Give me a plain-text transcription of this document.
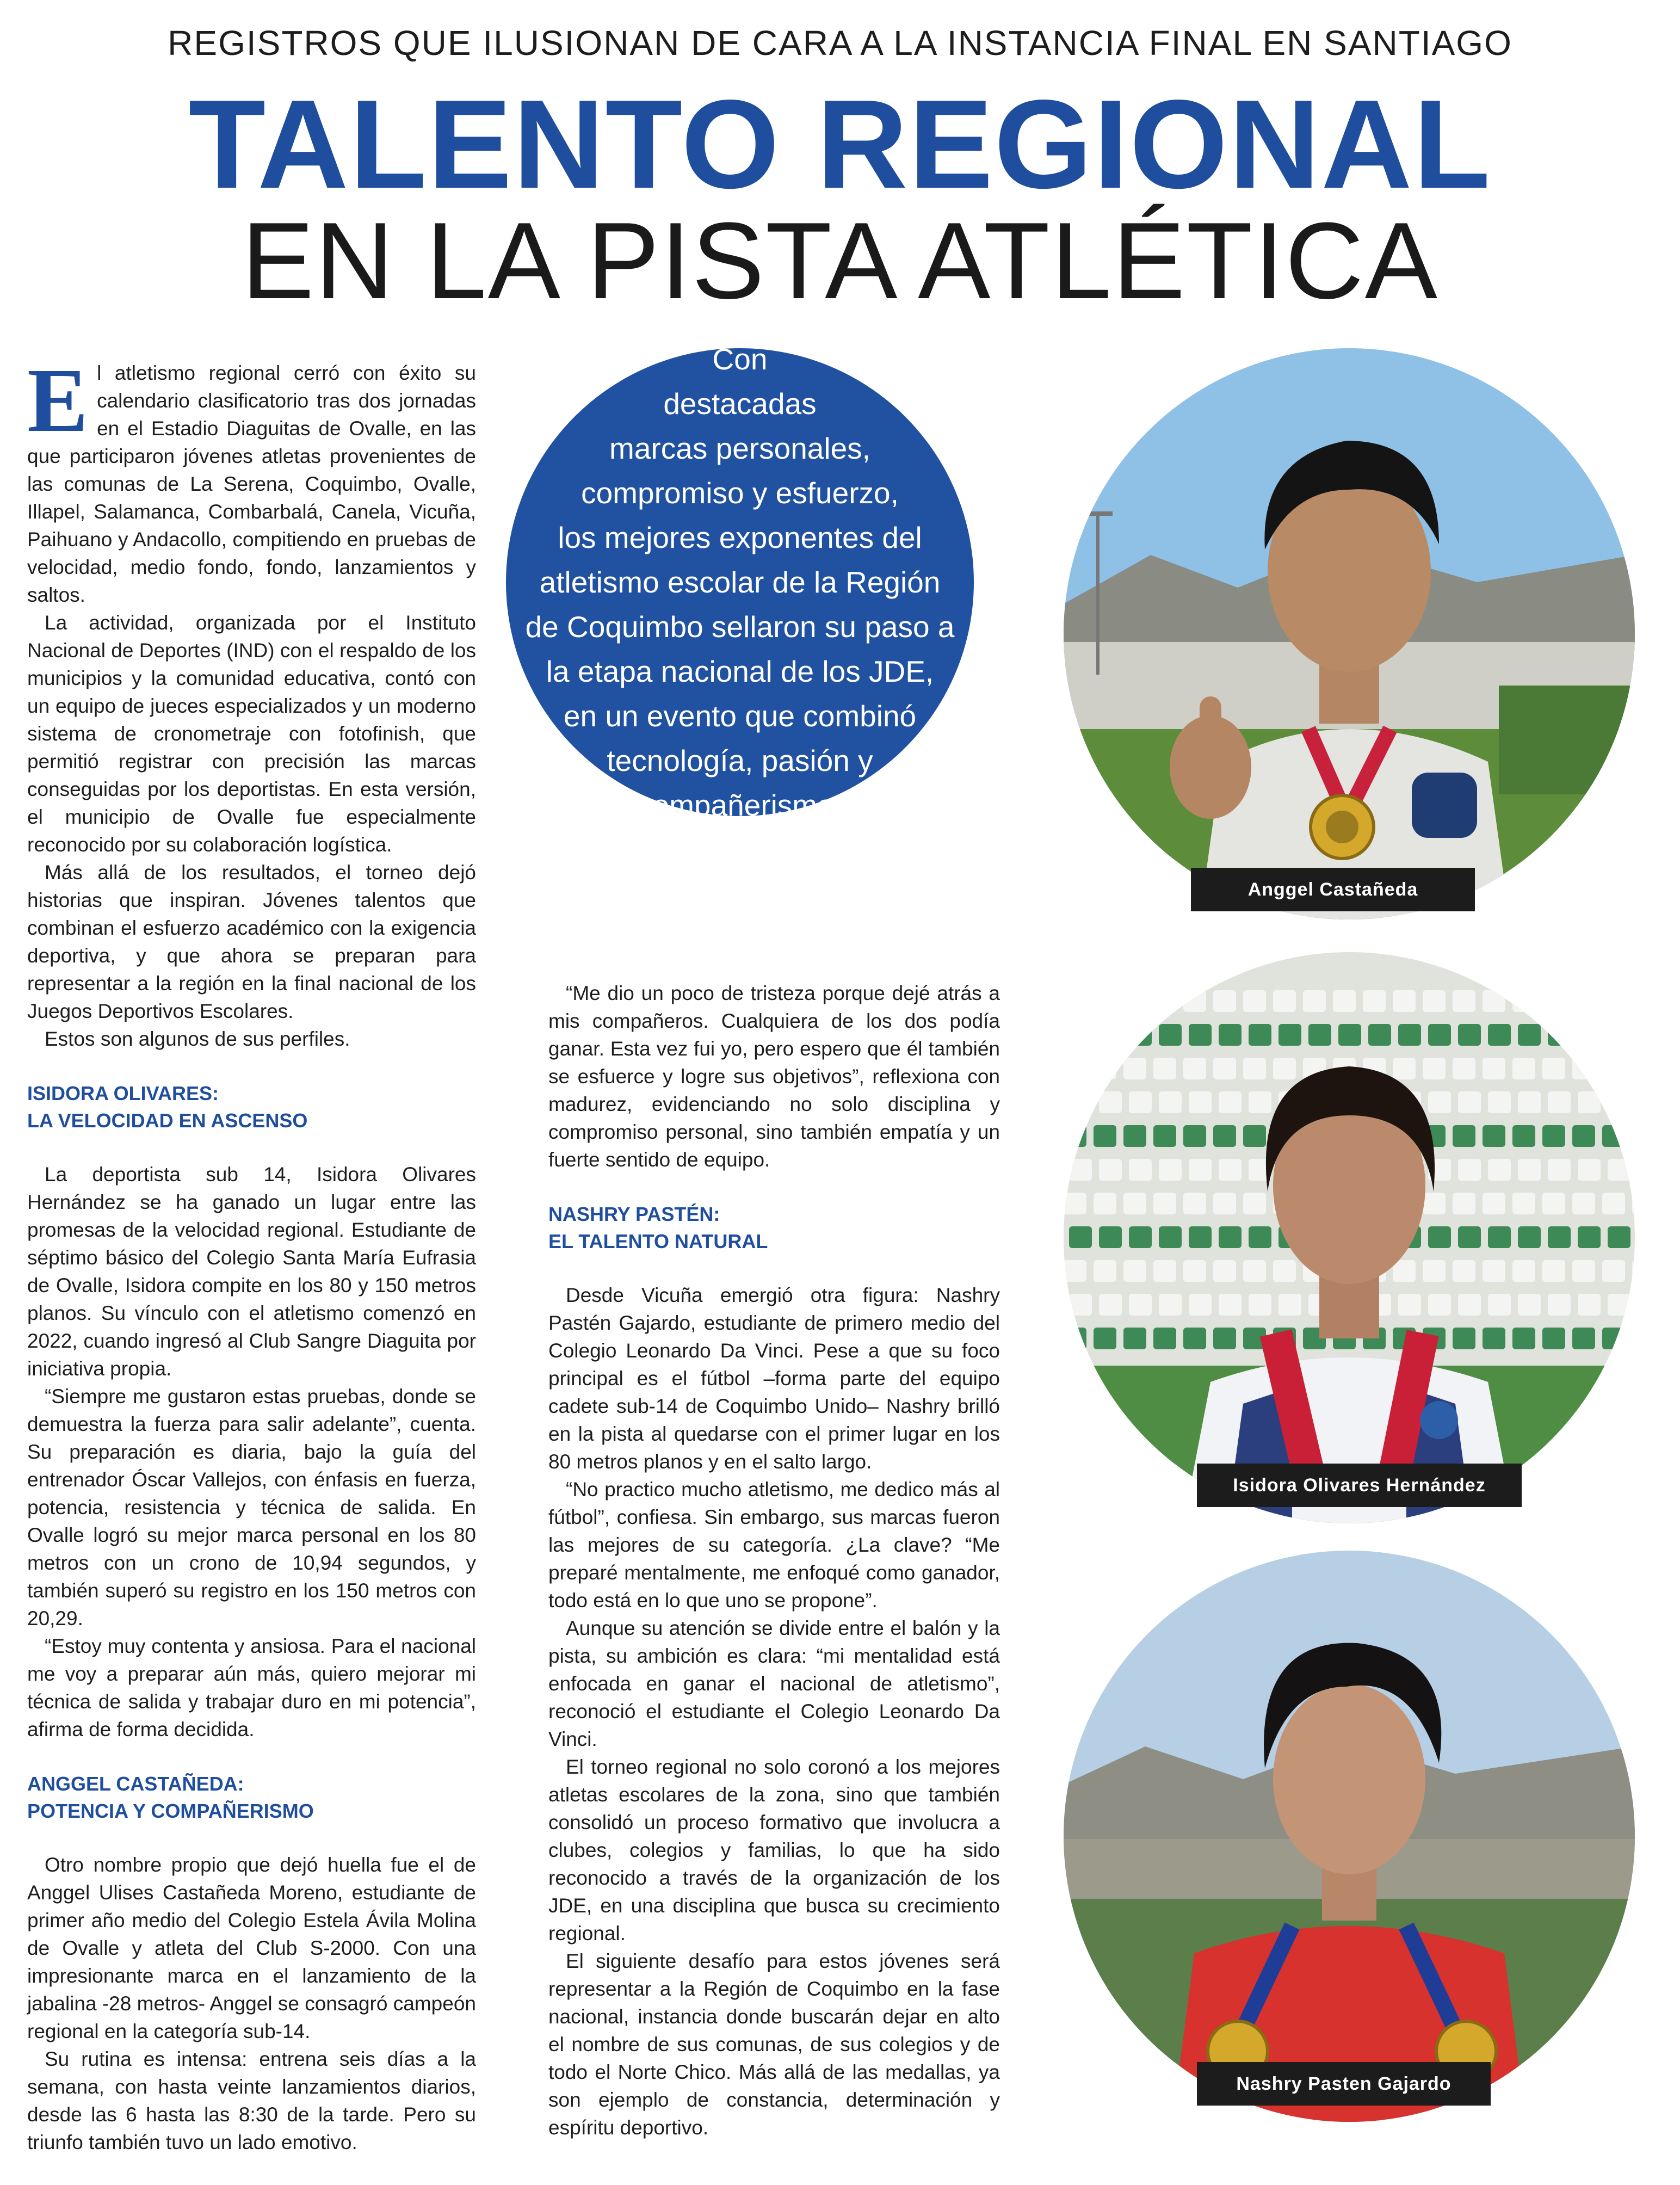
REGISTROS QUE ILUSIONAN DE CARA A LA INSTANCIA FINAL EN SANTIAGO
TALENTO REGIONAL
EN LA PISTA ATLÉTICA

El atletismo regional cerró con éxito su calendario clasificatorio tras dos jornadas en el Estadio Diaguitas de Ovalle, en las que participaron jóvenes atletas provenientes de las comunas de La Serena, Coquimbo, Ovalle, Illapel, Salamanca, Combarbalá, Canela, Vicuña, Paihuano y Andacollo, compitiendo en pruebas de velocidad, medio fondo, fondo, lanzamientos y saltos.

La actividad, organizada por el Instituto Nacional de Deportes (IND) con el respaldo de los municipios y la comunidad educativa, contó con un equipo de jueces especializados y un moderno sistema de cronometraje con fotofinish, que permitió registrar con precisión las marcas conseguidas por los deportistas. En esta versión, el municipio de Ovalle fue especialmente reconocido por su colaboración logística.

Más allá de los resultados, el torneo dejó historias que inspiran. Jóvenes talentos que combinan el esfuerzo académico con la exigencia deportiva, y que ahora se preparan para representar a la región en la final nacional de los Juegos Deportivos Escolares.

Estos son algunos de sus perfiles.

ISIDORA OLIVARES:
LA VELOCIDAD EN ASCENSO

La deportista sub 14, Isidora Olivares Hernández se ha ganado un lugar entre las promesas de la velocidad regional. Estudiante de séptimo básico del Colegio Santa María Eufrasia de Ovalle, Isidora compite en los 80 y 150 metros planos. Su vínculo con el atletismo comenzó en 2022, cuando ingresó al Club Sangre Diaguita por iniciativa propia.

“Siempre me gustaron estas pruebas, donde se demuestra la fuerza para salir adelante”, cuenta. Su preparación es diaria, bajo la guía del entrenador Óscar Vallejos, con énfasis en fuerza, potencia, resistencia y técnica de salida. En Ovalle logró su mejor marca personal en los 80 metros con un crono de 10,94 segundos, y también superó su registro en los 150 metros con 20,29.

“Estoy muy contenta y ansiosa. Para el nacional me voy a preparar aún más, quiero mejorar mi técnica de salida y trabajar duro en mi potencia”, afirma de forma decidida.

ANGGEL CASTAÑEDA:
POTENCIA Y COMPAÑERISMO

Otro nombre propio que dejó huella fue el de Anggel Ulises Castañeda Moreno, estudiante de primer año medio del Colegio Estela Ávila Molina de Ovalle y atleta del Club S-2000. Con una impresionante marca en el lanzamiento de la jabalina -28 metros- Anggel se consagró campeón regional en la categoría sub-14.

Su rutina es intensa: entrena seis días a la semana, con hasta veinte lanzamientos diarios, desde las 6 hasta las 8:30 de la tarde. Pero su triunfo también tuvo un lado emotivo.

Con
destacadas
marcas personales,
compromiso y esfuerzo,
los mejores exponentes del
atletismo escolar de la Región
de Coquimbo sellaron su paso a
la etapa nacional de los JDE,
en un evento que combinó
tecnología, pasión y
compañerismo.

“Me dio un poco de tristeza porque dejé atrás a mis compañeros. Cualquiera de los dos podía ganar. Esta vez fui yo, pero espero que él también se esfuerce y logre sus objetivos”, reflexiona con madurez, evidenciando no solo disciplina y compromiso personal, sino también empatía y un fuerte sentido de equipo.

NASHRY PASTÉN:
EL TALENTO NATURAL

Desde Vicuña emergió otra figura: Nashry Pastén Gajardo, estudiante de primero medio del Colegio Leonardo Da Vinci. Pese a que su foco principal es el fútbol –forma parte del equipo cadete sub-14 de Coquimbo Unido– Nashry brilló en la pista al quedarse con el primer lugar en los 80 metros planos y en el salto largo.

“No practico mucho atletismo, me dedico más al fútbol”, confiesa. Sin embargo, sus marcas fueron las mejores de su categoría. ¿La clave? “Me preparé mentalmente, me enfoqué como ganador, todo está en lo que uno se propone”.

Aunque su atención se divide entre el balón y la pista, su ambición es clara: “mi mentalidad está enfocada en ganar el nacional de atletismo”, reconoció el estudiante el Colegio Leonardo Da Vinci.

El torneo regional no solo coronó a los mejores atletas escolares de la zona, sino que también consolidó un proceso formativo que involucra a clubes, colegios y familias, lo que ha sido reconocido a través de la organización de los JDE, en una disciplina que busca su crecimiento regional.

El siguiente desafío para estos jóvenes será representar a la Región de Coquimbo en la fase nacional, instancia donde buscarán dejar en alto el nombre de sus comunas, de sus colegios y de todo el Norte Chico. Más allá de las medallas, ya son ejemplo de constancia, determinación y espíritu deportivo.

Anggel Castañeda
Isidora Olivares Hernández
Nashry Pasten Gajardo
